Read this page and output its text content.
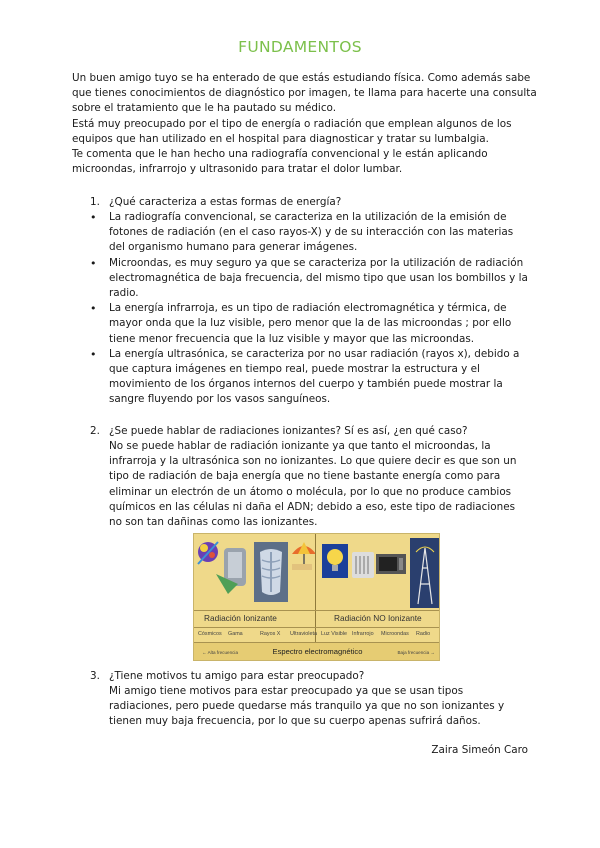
FUNDAMENTOS

Un buen amigo tuyo se ha enterado de que estás estudiando física. Como además sabe que tienes conocimientos de diagnóstico por imagen, te llama para hacerte una consulta sobre el tratamiento que le ha pautado su médico.

Está muy preocupado por el tipo de energía o radiación que emplean algunos de los equipos que han utilizado en el hospital para diagnosticar y tratar su lumbalgia.

Te comenta que le han hecho una radiografía convencional y le están aplicando microondas, infrarrojo y ultrasonido para tratar el dolor lumbar.

1. ¿Qué caracteriza a estas formas de energía?
• La radiografía convencional, se caracteriza en la utilización de la emisión de fotones de radiación (en el caso rayos-X) y de su interacción con las materias del organismo humano para generar imágenes.
• Microondas, es muy seguro ya que se caracteriza por la utilización de radiación electromagnética de baja frecuencia, del mismo tipo que usan los bombillos y la radio.
• La energía infrarroja, es un tipo de radiación electromagnética y térmica, de mayor onda que la luz visible, pero menor que la de las microondas ; por ello tiene menor frecuencia que la luz visible y mayor que las microondas.
• La energía ultrasónica, se caracteriza por no usar radiación (rayos x), debido a que captura imágenes en tiempo real, puede mostrar la estructura y el movimiento de los órganos internos del cuerpo y también puede mostrar la sangre fluyendo por los vasos sanguíneos.
2. ¿Se puede hablar de radiaciones ionizantes? Sí es así, ¿en qué caso?
No se puede hablar de radiación ionizante ya que tanto el microondas, la infrarroja y la ultrasónica son no ionizantes. Lo que quiere decir es que son un tipo de radiación de baja energía que no tiene bastante energía como para eliminar un electrón de un átomo o molécula, por lo que no produce cambios químicos en las células ni daña el ADN; debido a eso, este tipo de radiaciones no son tan dañinas como las ionizantes.
Radiación Ionizante	Radiación NO Ionizante
Cósmicos Gama	Rayos X Ultravioleta Luz Visible Infrarrojo Microondas Radio
← Alta frecuencia	Espectro electromagnético	Baja frecuencia →
3. ¿Tiene motivos tu amigo para estar preocupado?
Mi amigo tiene motivos para estar preocupado ya que se usan tipos radiaciones, pero puede quedarse más tranquilo ya que no son ionizantes y tienen muy baja frecuencia, por lo que su cuerpo apenas sufrirá daños.
Zaira Simeón Caro
